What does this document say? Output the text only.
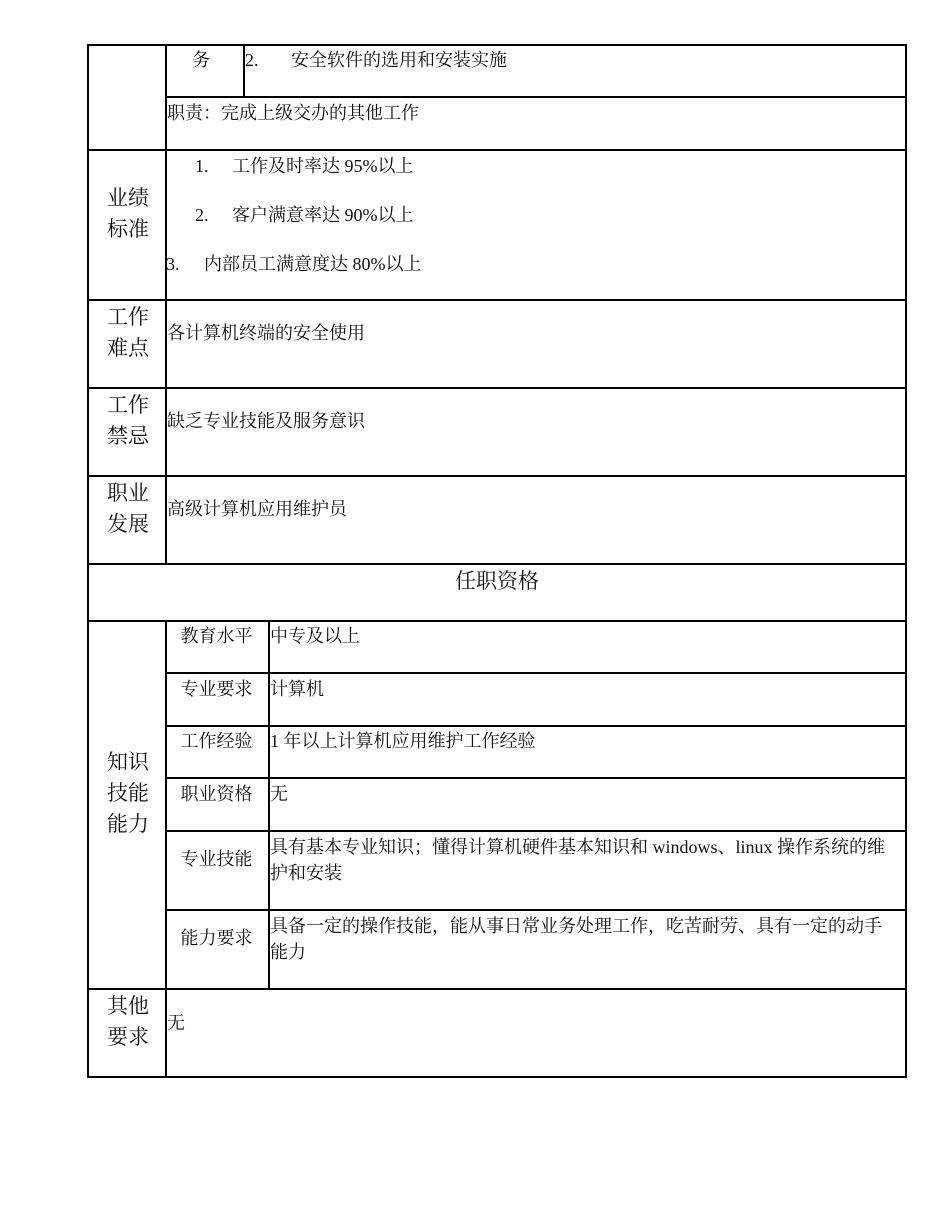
务 2. 安全软件的选用和安装实施
职责：完成上级交办的其他工作
业绩
标准
1. 工作及时率达 95%以上
2. 客户满意率达 90%以上
3. 内部员工满意度达 80%以上
工作
难点
各计算机终端的安全使用
工作
禁忌
缺乏专业技能及服务意识
职业
发展
高级计算机应用维护员
任职资格
知识
技能
能力
教育水平 中专及以上
专业要求 计算机
工作经验 1 年以上计算机应用维护工作经验
职业资格 无
专业技能
具有基本专业知识；懂得计算机硬件基本知识和 windows、linux 操作系统的维护和安装
能力要求
具备一定的操作技能，能从事日常业务处理工作，吃苦耐劳、具有一定的动手能力
其他
要求
无
